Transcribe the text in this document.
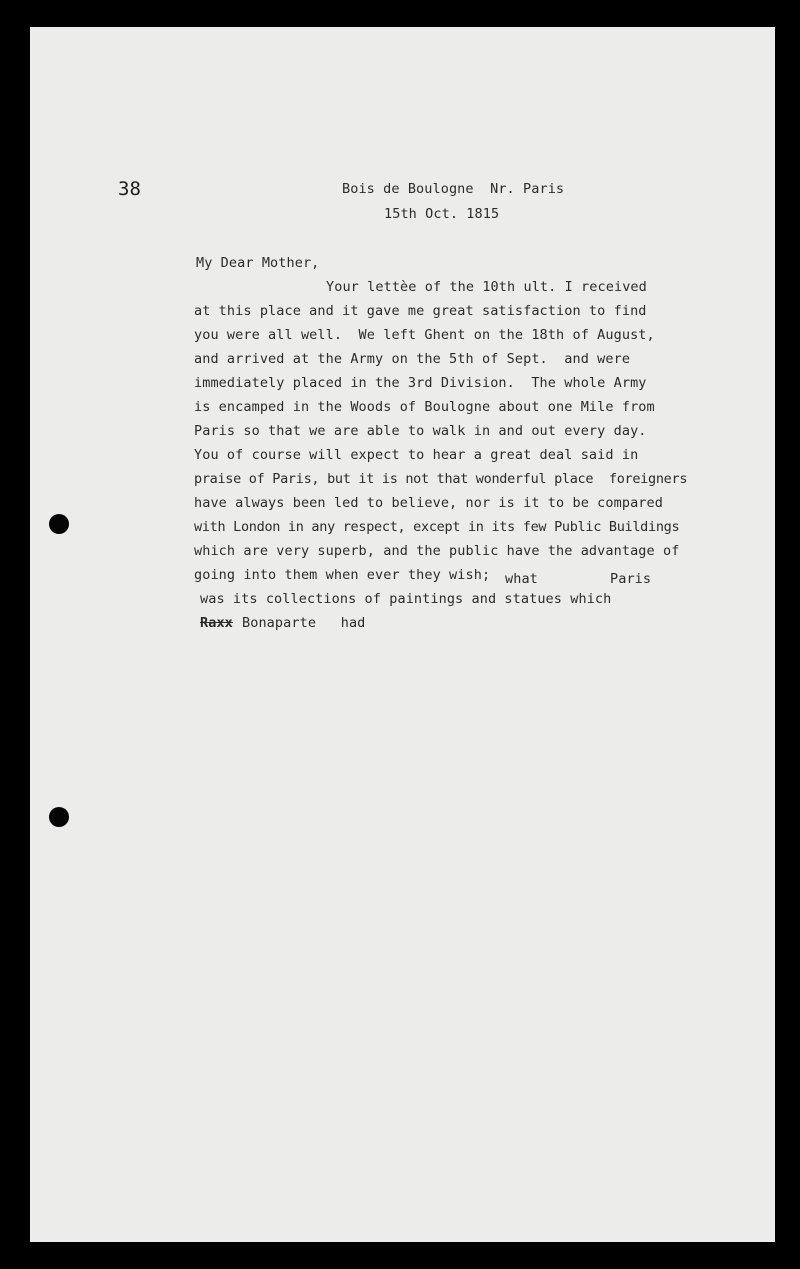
38	Bois de Boulogne  Nr. Paris
15th Oct. 1815
My Dear Mother,
Your lettèe of the 10th ult. I received
at this place and it gave me great satisfaction to find
you were all well.  We left Ghent on the 18th of August,
and arrived at the Army on the 5th of Sept.  and were
immediately placed in the 3rd Division.  The whole Army
is encamped in the Woods of Boulogne about one Mile from
Paris so that we are able to walk in and out every day.
You of course will expect to hear a great deal said in
praise of Paris, but it is not that wonderful place  foreigners
have always been led to believe, nor is it to be compared
with London in any respect, except in its few Public Buildings
which are very superb, and the public have the advantage of
going into them when ever they wish; what	Paris
was its collections of paintings and statues which
Raxx Bonaparte   had
